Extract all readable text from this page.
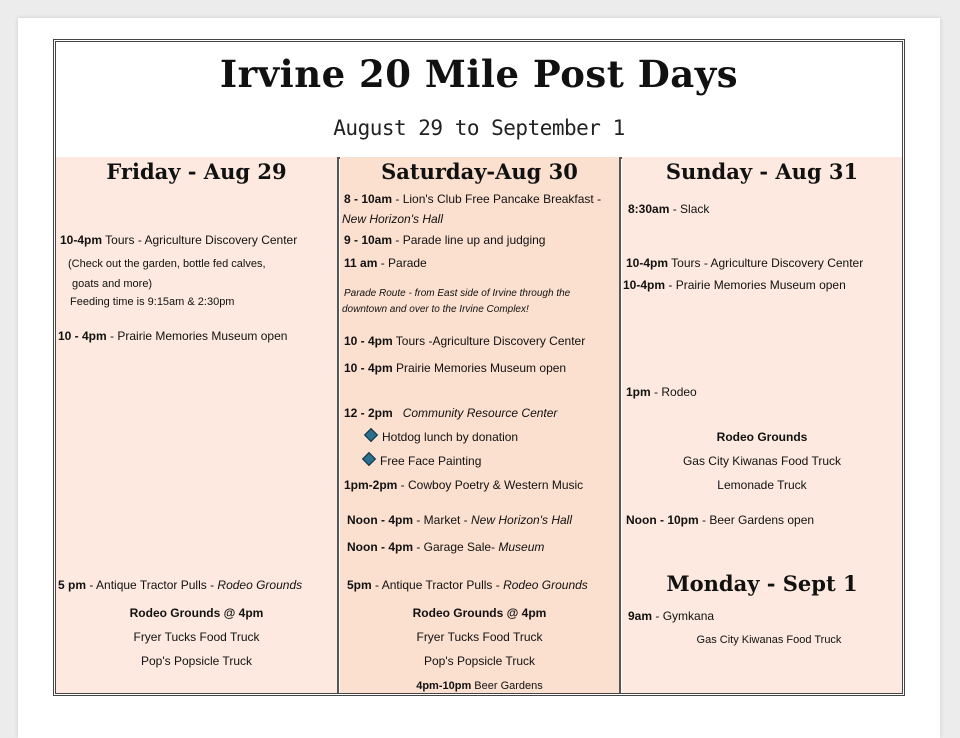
Irvine 20 Mile Post Days
August 29 to September 1
Friday - Aug 29
10-4pm Tours - Agriculture Discovery Center
(Check out the garden, bottle fed calves,
goats and more)
Feeding time is 9:15am & 2:30pm
10 - 4pm - Prairie Memories Museum open
5 pm - Antique Tractor Pulls - Rodeo Grounds
Rodeo Grounds @ 4pm
Fryer Tucks Food Truck
Pop's Popsicle Truck
Saturday-Aug 30
8 - 10am - Lion's Club Free Pancake Breakfast -
New Horizon's Hall
9 - 10am - Parade line up and judging
11 am - Parade
Parade Route - from East side of Irvine through the
downtown and over to the Irvine Complex!
10 - 4pm Tours -Agriculture Discovery Center
10 - 4pm Prairie Memories Museum open
12 - 2pm Community Resource Center
Hotdog lunch by donation
Free Face Painting
1pm-2pm - Cowboy Poetry & Western Music
Noon - 4pm - Market - New Horizon's Hall
Noon - 4pm - Garage Sale- Museum
5pm - Antique Tractor Pulls - Rodeo Grounds
Rodeo Grounds @ 4pm
Fryer Tucks Food Truck
Pop's Popsicle Truck
4pm-10pm Beer Gardens
Sunday - Aug 31
8:30am - Slack
10-4pm Tours - Agriculture Discovery Center
10-4pm - Prairie Memories Museum open
1pm - Rodeo
Rodeo Grounds
Gas City Kiwanas Food Truck
Lemonade Truck
Noon - 10pm - Beer Gardens open
Monday - Sept 1
9am - Gymkana
Gas City Kiwanas Food Truck
